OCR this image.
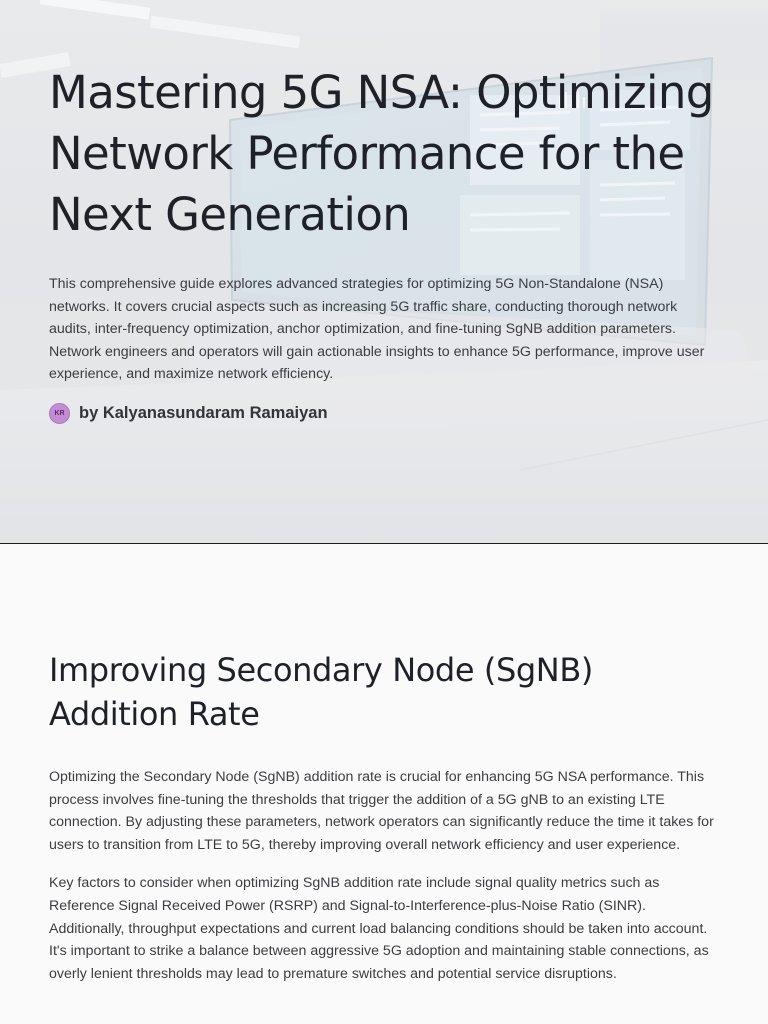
Mastering 5G NSA: Optimizing Network Performance for the Next Generation

This comprehensive guide explores advanced strategies for optimizing 5G Non-Standalone (NSA) networks. It covers crucial aspects such as increasing 5G traffic share, conducting thorough network audits, inter-frequency optimization, anchor optimization, and fine-tuning SgNB addition parameters. Network engineers and operators will gain actionable insights to enhance 5G performance, improve user experience, and maximize network efficiency.

KR by Kalyanasundaram Ramaiyan
Improving Secondary Node (SgNB) Addition Rate

Optimizing the Secondary Node (SgNB) addition rate is crucial for enhancing 5G NSA performance. This process involves fine-tuning the thresholds that trigger the addition of a 5G gNB to an existing LTE connection. By adjusting these parameters, network operators can significantly reduce the time it takes for users to transition from LTE to 5G, thereby improving overall network efficiency and user experience.

Key factors to consider when optimizing SgNB addition rate include signal quality metrics such as Reference Signal Received Power (RSRP) and Signal-to-Interference-plus-Noise Ratio (SINR). Additionally, throughput expectations and current load balancing conditions should be taken into account. It's important to strike a balance between aggressive 5G adoption and maintaining stable connections, as overly lenient thresholds may lead to premature switches and potential service disruptions.
